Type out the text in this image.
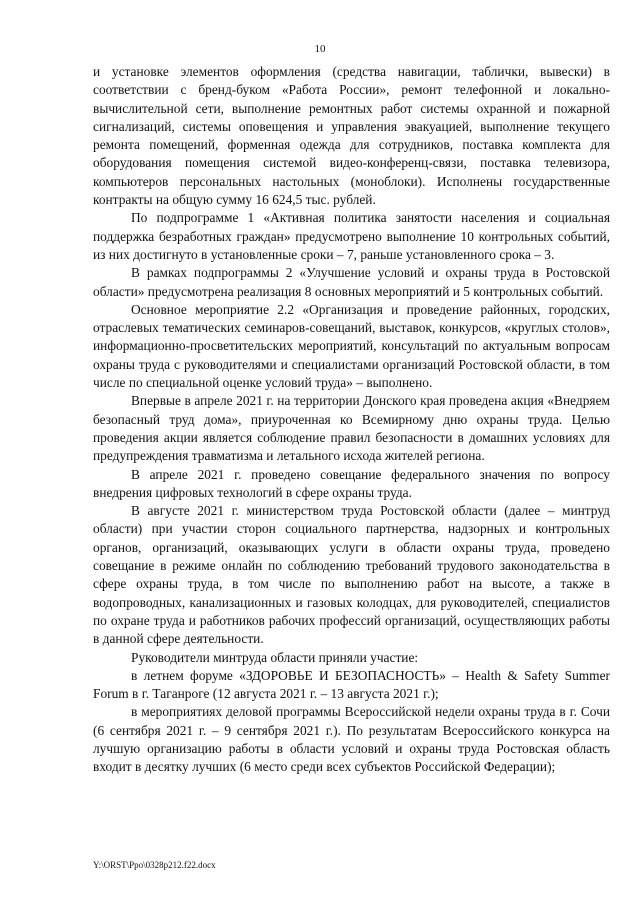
10

и установке элементов оформления (средства навигации, таблички, вывески) в соответствии с бренд-буком «Работа России», ремонт телефонной и локально-вычислительной сети, выполнение ремонтных работ системы охранной и пожарной сигнализаций, системы оповещения и управления эвакуацией, выполнение текущего ремонта помещений, форменная одежда для сотрудников, поставка комплекта для оборудования помещения системой видео-конференц-связи, поставка телевизора, компьютеров персональных настольных (моноблоки). Исполнены государственные контракты на общую сумму 16 624,5 тыс. рублей.

По подпрограмме 1 «Активная политика занятости населения и социальная поддержка безработных граждан» предусмотрено выполнение 10 контрольных событий, из них достигнуто в установленные сроки – 7, раньше установленного срока – 3.

В рамках подпрограммы 2 «Улучшение условий и охраны труда в Ростовской области» предусмотрена реализация 8 основных мероприятий и 5 контрольных событий.

Основное мероприятие 2.2 «Организация и проведение районных, городских, отраслевых тематических семинаров-совещаний, выставок, конкурсов, «круглых столов», информационно-просветительских мероприятий, консультаций по актуальным вопросам охраны труда с руководителями и специалистами организаций Ростовской области, в том числе по специальной оценке условий труда» – выполнено.

Впервые в апреле 2021 г. на территории Донского края проведена акция «Внедряем безопасный труд дома», приуроченная ко Всемирному дню охраны труда. Целью проведения акции является соблюдение правил безопасности в домашних условиях для предупреждения травматизма и летального исхода жителей региона.

В апреле 2021 г. проведено совещание федерального значения по вопросу внедрения цифровых технологий в сфере охраны труда.

В августе 2021 г. министерством труда Ростовской области (далее – минтруд области) при участии сторон социального партнерства, надзорных и контрольных органов, организаций, оказывающих услуги в области охраны труда, проведено совещание в режиме онлайн по соблюдению требований трудового законодательства в сфере охраны труда, в том числе по выполнению работ на высоте, а также в водопроводных, канализационных и газовых колодцах, для руководителей, специалистов по охране труда и работников рабочих профессий организаций, осуществляющих работы в данной сфере деятельности.

Руководители минтруда области приняли участие:

в летнем форуме «ЗДОРОВЬЕ И БЕЗОПАСНОСТЬ» – Health & Safety Summer Forum в г. Таганроге (12 августа 2021 г. – 13 августа 2021 г.);

в мероприятиях деловой программы Всероссийской недели охраны труда в г. Сочи (6 сентября 2021 г. – 9 сентября 2021 г.). По результатам Всероссийского конкурса на лучшую организацию работы в области условий и охраны труда Ростовская область входит в десятку лучших (6 место среди всех субъектов Российской Федерации);

Y:\ORST\Ppo\0328p212.f22.docx
